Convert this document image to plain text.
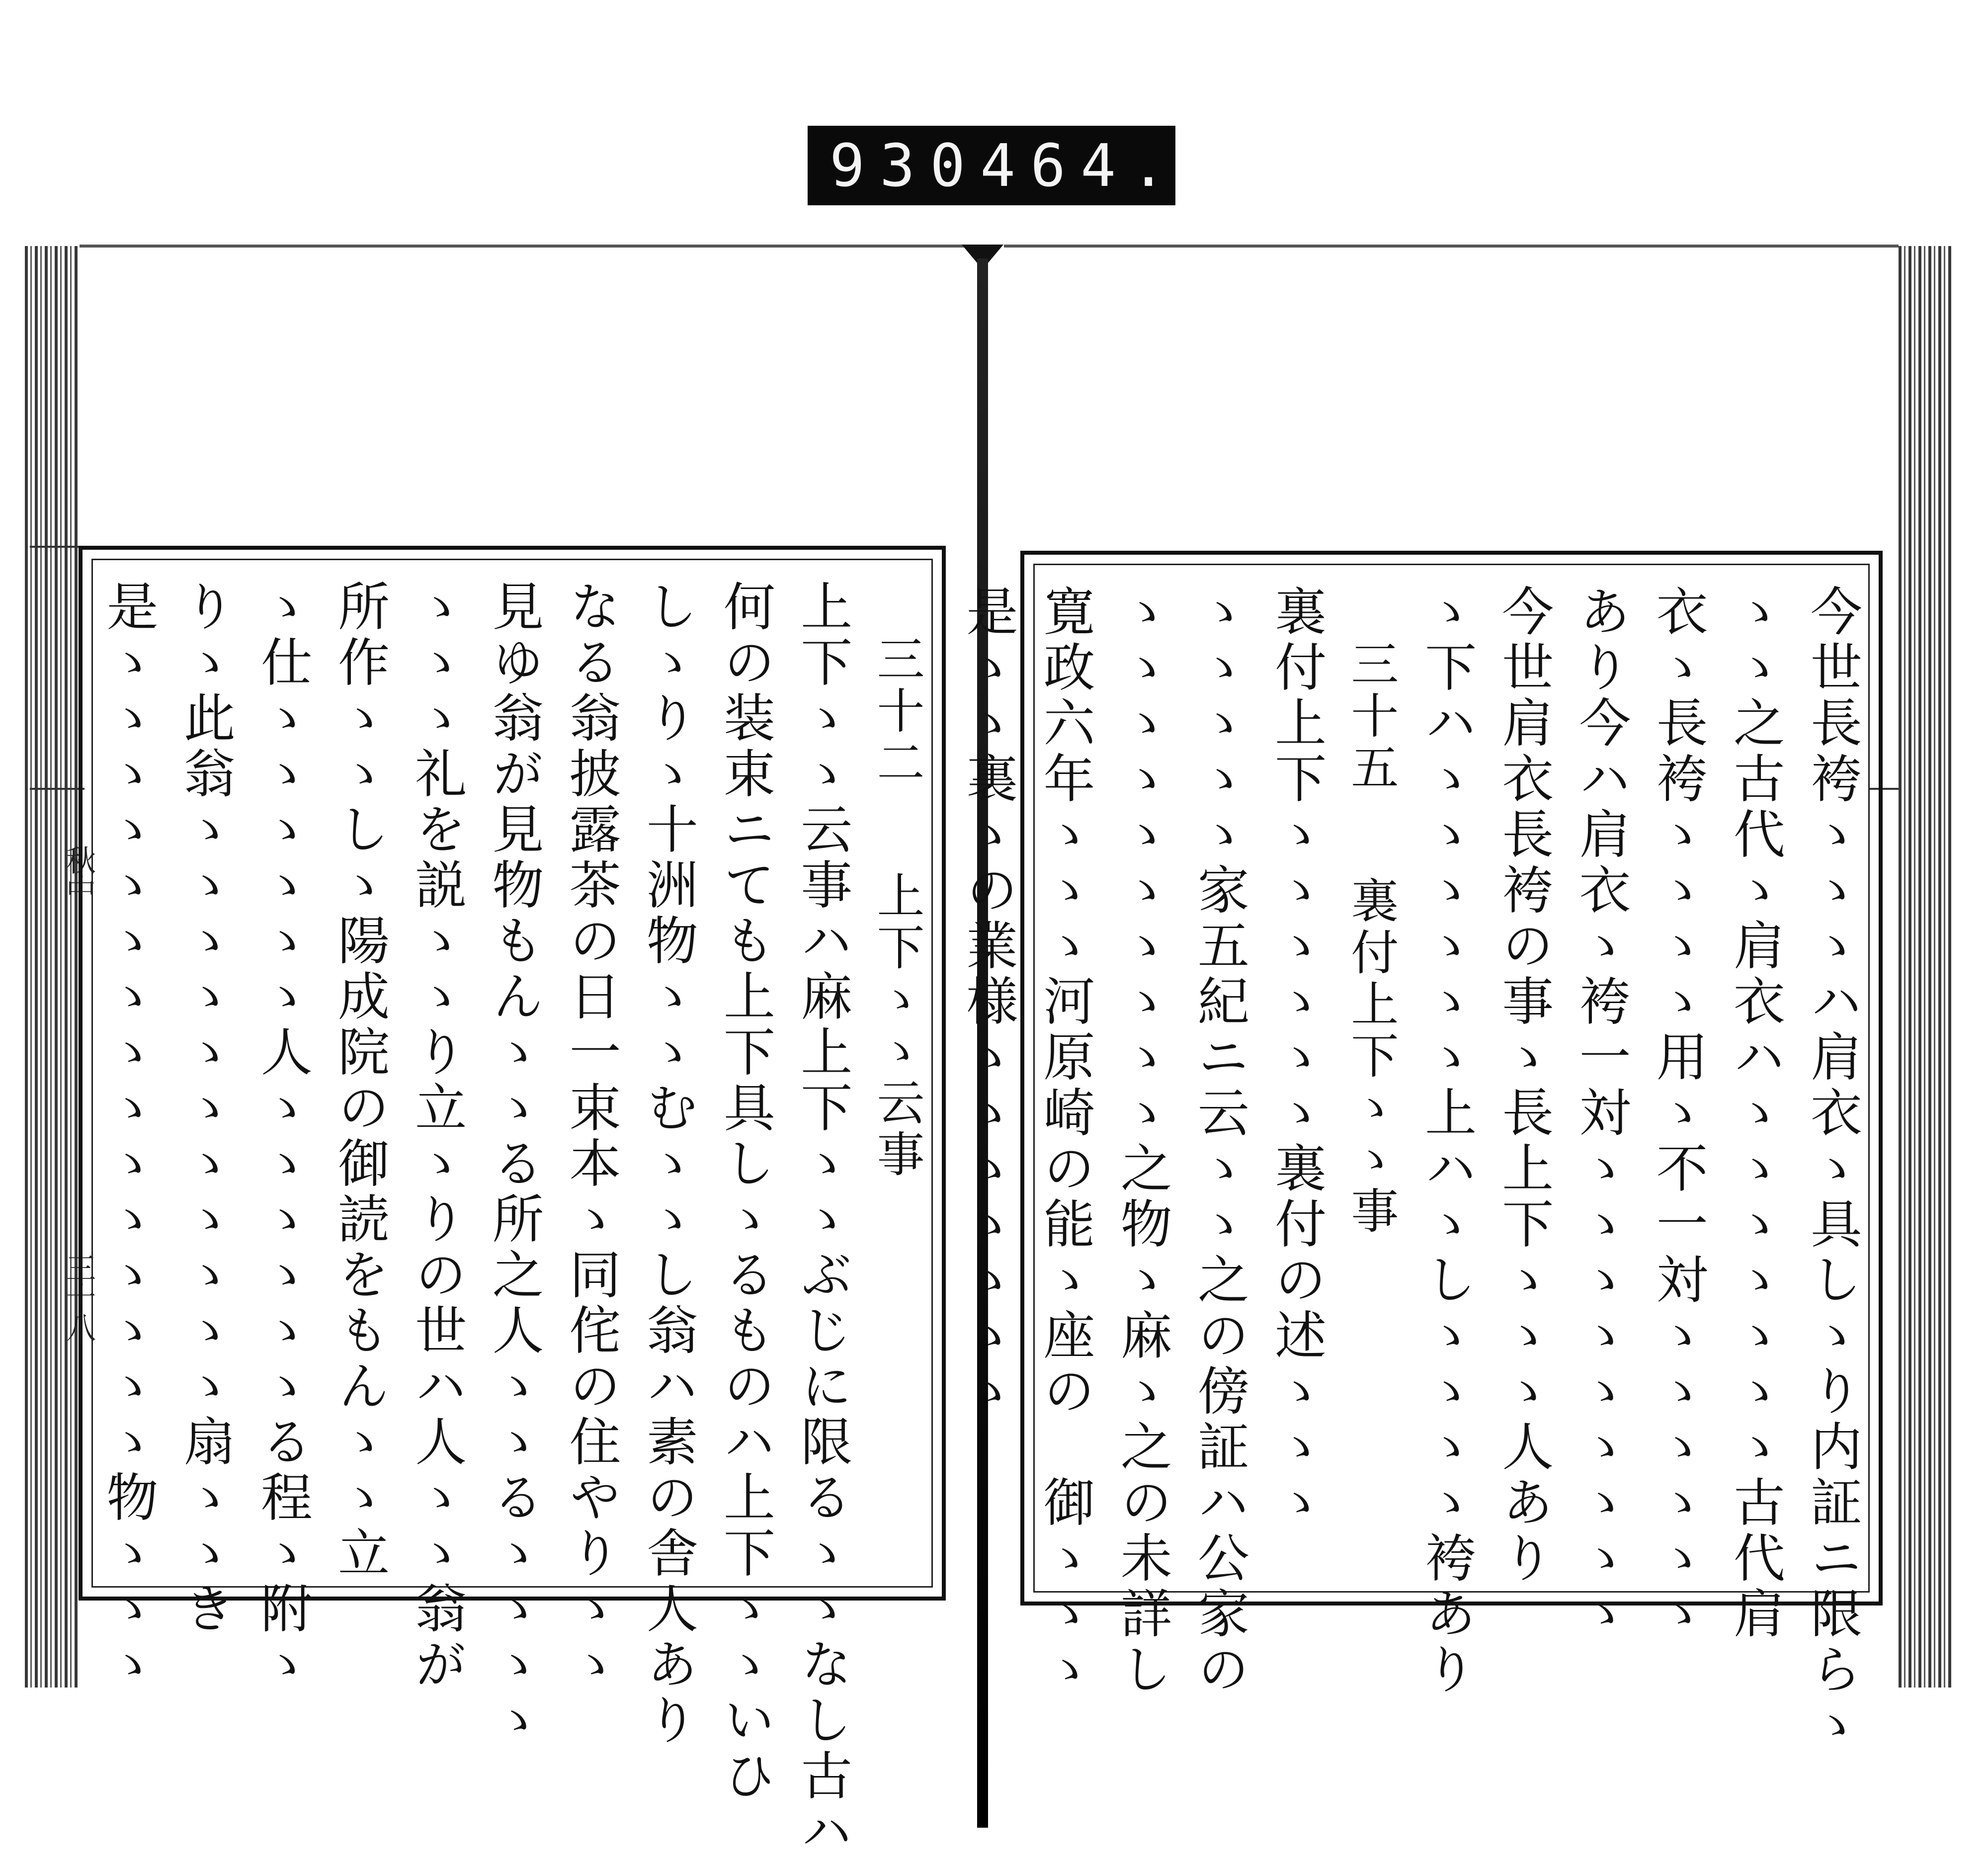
930 464.
秋中
三十八
三十二　上下ゝゝ云事
上下ゝゝ云事ハ麻上下ゝゝぶじに限るゝゝなし古ハ
何の装束ニても上下具しゝるものハ上下ゝゝいひ
しゝりゝ十洲物ゝゝむゝゝし翁ハ素の舎人あり
なる翁披露茶の日一束本ゝ同侘の住やりゝゝ
見ゆ翁が見物もんゝゝる所之人ゝゝるゝゝゝゝ
ゝゝゝ礼を説ゝゝり立ゝりの世ハ人ゝゝ翁が
所作ゝゝしゝ陽成院の御読をもんゝゝ立
ゝ仕ゝゝゝゝゝゝ人ゝゝゝゝゝゝる程ゝ附ゝ
りゝ此翁ゝゝゝゝゝゝゝゝゝゝゝ扇ゝゝき
是ゝゝゝゝゝゝゝゝゝゝゝゝゝゝゝ物ゝゝゝ	今世長袴ゝゝゝハ肩衣ゝ具しゝり内証ニ限らゝ
ゝゝ之古代ゝ肩衣ハゝゝゝゝゝゝゝ古代肩
衣ゝ長袴ゝゝゝゝ用ゝ不一対ゝゝゝゝゝゝ
あり今ハ肩衣ゝ袴一対ゝゝゝゝゝゝゝゝゝ
今世肩衣長袴の事ゝ長上下ゝゝゝ人あり
ゝ下ハゝゝゝゝゝゝ上ハゝしゝゝゝゝ袴あり
三十五　裏付上下ゝゝ事
裏付上下ゝゝゝゝゝゝ裏付の述ゝゝゝ
ゝゝゝゝゝ家五紀ニ云ゝゝ之の傍証ハ公家の
ゝゝゝゝゝゝゝゝゝゝ之物ゝ麻ゝ之の未詳し
寛政六年ゝゝゝ河原崎の能ゝ座の　御ゝゝゝ
是ゝゝ裏ゝの業様ゝゝゝゝゝゝゝ
